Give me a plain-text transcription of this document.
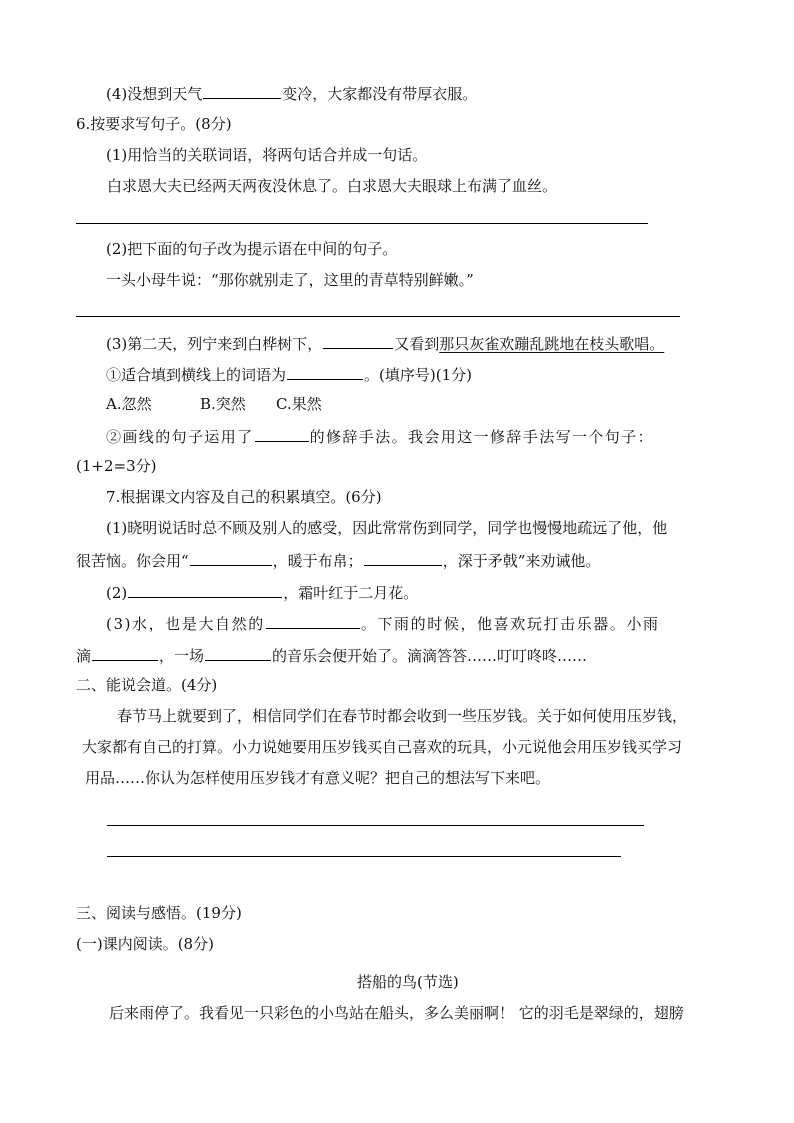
(4)没想到天气	变冷，大家都没有带厚衣服。
6.按要求写句子。(8分)
(1)用恰当的关联词语，将两句话合并成一句话。
白求恩大夫已经两天两夜没休息了。白求恩大夫眼球上布满了血丝。
(2)把下面的句子改为提示语在中间的句子。
一头小母牛说：“那你就别走了，这里的青草特别鲜嫩。”
(3)第二天，列宁来到白桦树下，	又看到那只灰雀欢蹦乱跳地在枝头歌唱。
①适合填到横线上的词语为	。(填序号)(1分)
A.忽然	B.突然 C.果然
②画线的句子运用了	的修辞手法。我会用这一修辞手法写一个句子：
(1+2=3分)
7.根据课文内容及自己的积累填空。(6分)
(1)晓明说话时总不顾及别人的感受，因此常常伤到同学，同学也慢慢地疏远了他，他
很苦恼。你会用“	，暖于布帛；	，深于矛戟”来劝诫他。
(2)	，霜叶红于二月花。
(3)水，也是大自然的	。下雨的时候，他喜欢玩打击乐器。小雨
滴	，一场	的音乐会便开始了。滴滴答答……叮叮咚咚……
二、能说会道。(4分)
春节马上就要到了，相信同学们在春节时都会收到一些压岁钱。关于如何使用压岁钱，
大家都有自己的打算。小力说她要用压岁钱买自己喜欢的玩具，小元说他会用压岁钱买学习
用品……你认为怎样使用压岁钱才有意义呢？把自己的想法写下来吧。
三、阅读与感悟。(19分)
(一)课内阅读。(8分)
搭船的鸟(节选)
后来雨停了。我看见一只彩色的小鸟站在船头，多么美丽啊！ 它的羽毛是翠绿的，翅膀
